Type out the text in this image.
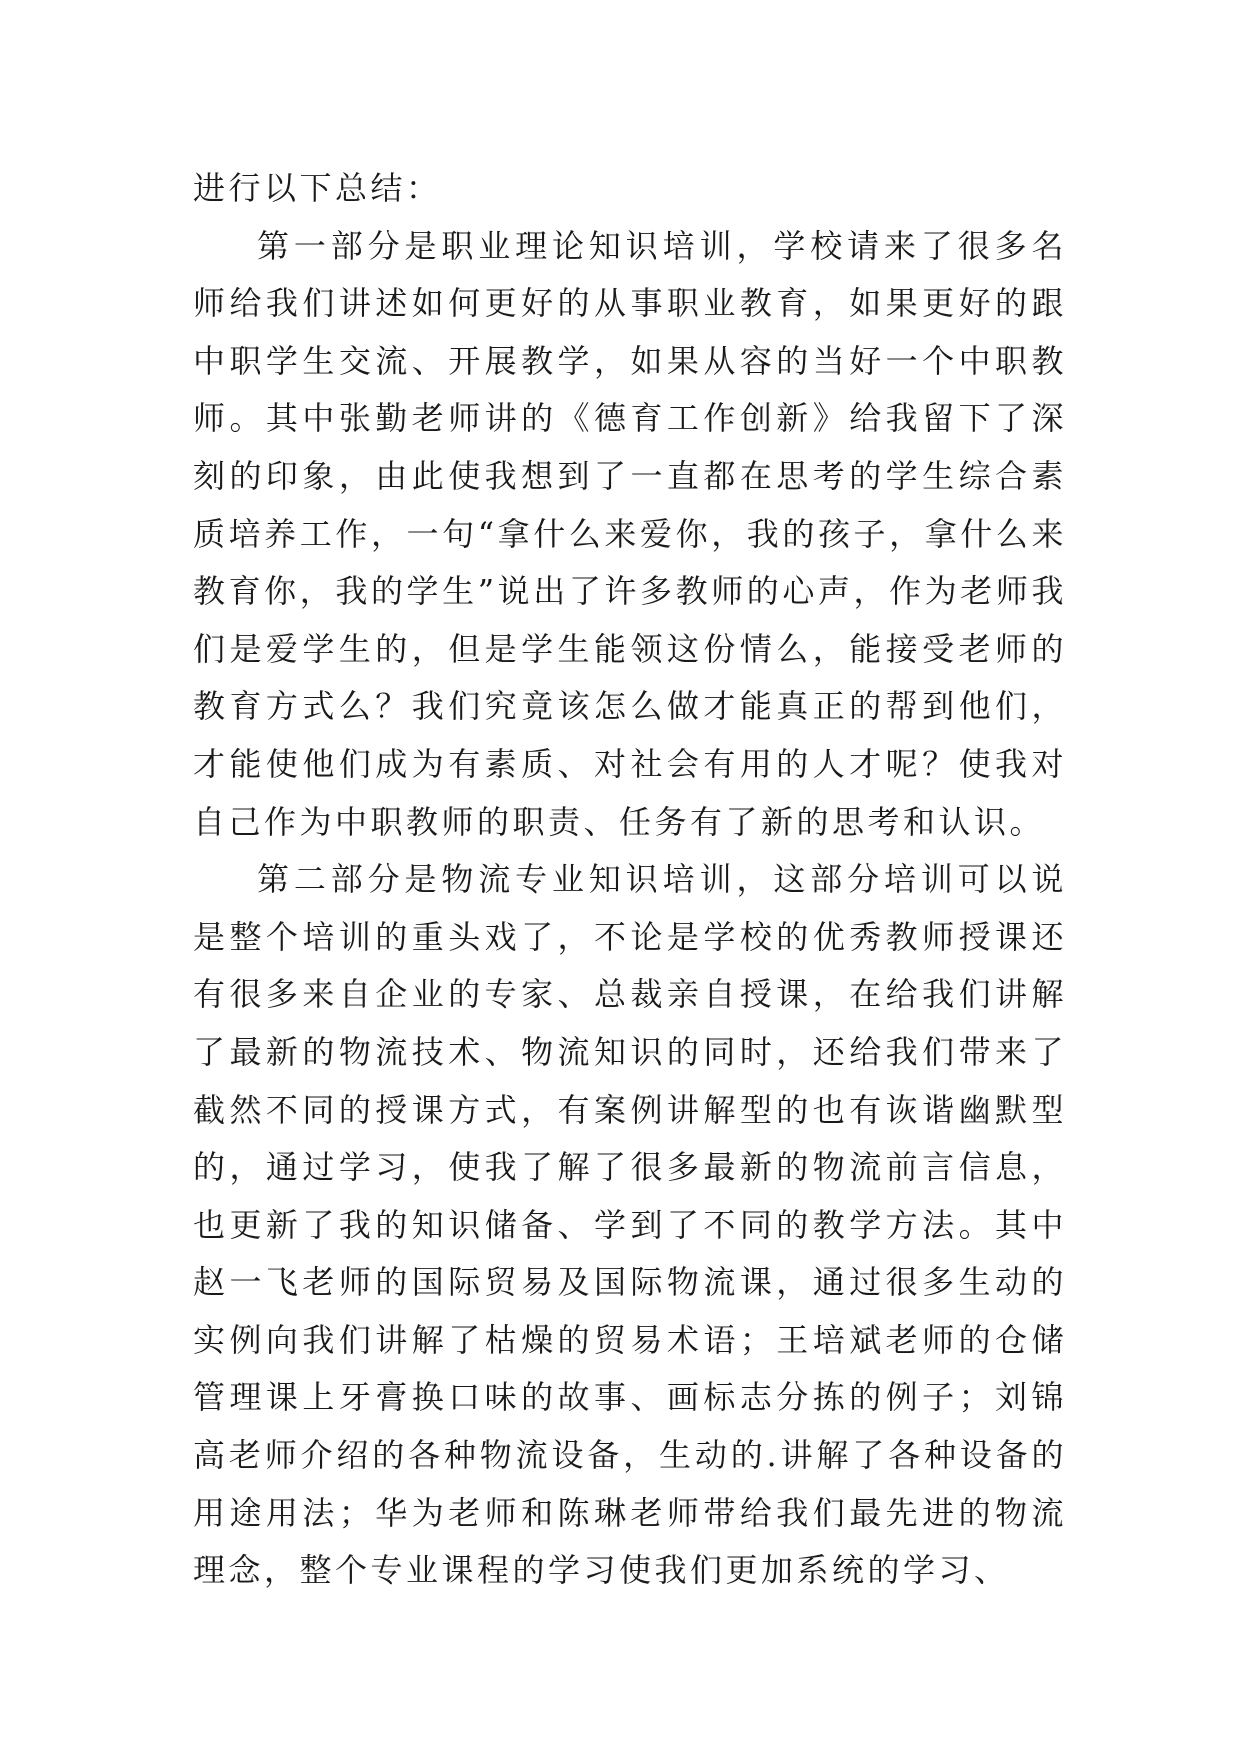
进行以下总结：

第一部分是职业理论知识培训，学校请来了很多名师给我们讲述如何更好的从事职业教育，如果更好的跟中职学生交流、开展教学，如果从容的当好一个中职教师。其中张勤老师讲的《德育工作创新》给我留下了深刻的印象，由此使我想到了一直都在思考的学生综合素质培养工作，一句“拿什么来爱你，我的孩子，拿什么来教育你，我的学生”说出了许多教师的心声，作为老师我们是爱学生的，但是学生能领这份情么，能接受老师的教育方式么？我们究竟该怎么做才能真正的帮到他们，才能使他们成为有素质、对社会有用的人才呢？使我对自己作为中职教师的职责、任务有了新的思考和认识。

第二部分是物流专业知识培训，这部分培训可以说是整个培训的重头戏了，不论是学校的优秀教师授课还有很多来自企业的专家、总裁亲自授课，在给我们讲解了最新的物流技术、物流知识的同时，还给我们带来了截然不同的授课方式，有案例讲解型的也有诙谐幽默型的，通过学习，使我了解了很多最新的物流前言信息，也更新了我的知识储备、学到了不同的教学方法。其中赵一飞老师的国际贸易及国际物流课，通过很多生动的实例向我们讲解了枯燥的贸易术语；王培斌老师的仓储管理课上牙膏换口味的故事、画标志分拣的例子；刘锦高老师介绍的各种物流设备，生动的.讲解了各种设备的用途用法；华为老师和陈琳老师带给我们最先进的物流理念，整个专业课程的学习使我们更加系统的学习、
